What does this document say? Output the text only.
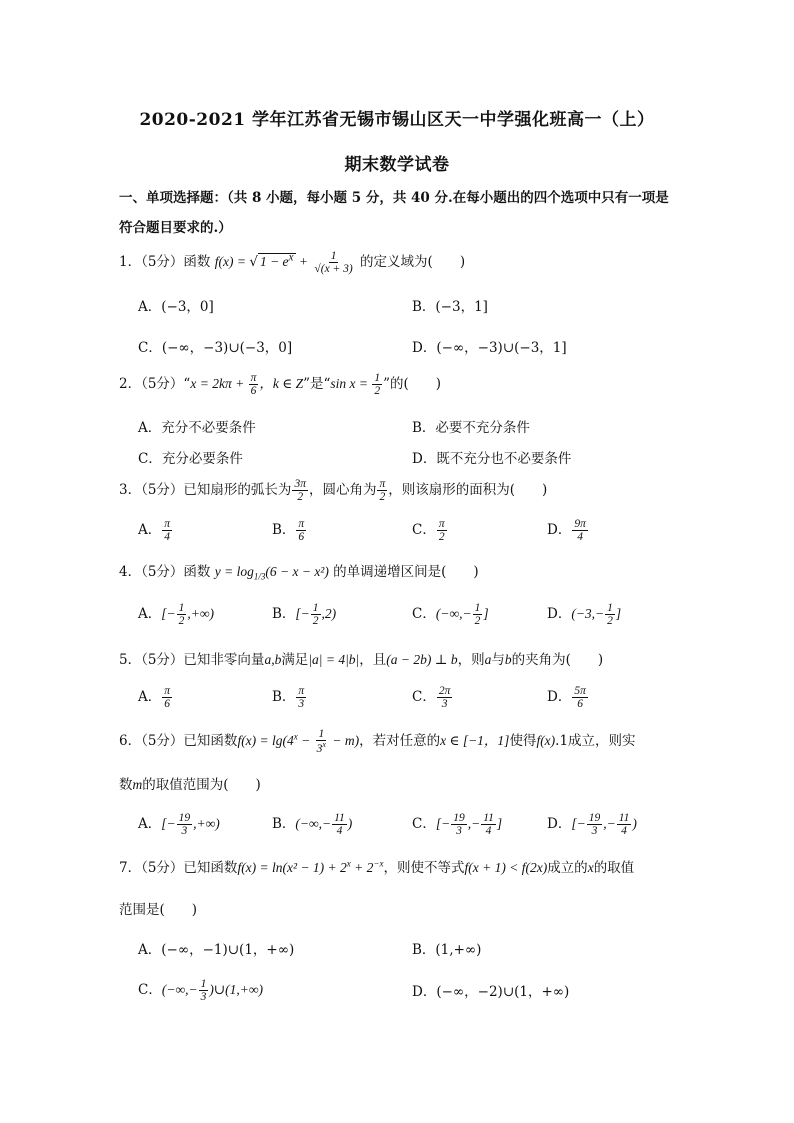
2020-2021 学年江苏省无锡市锡山区天一中学强化班高一（上）
期末数学试卷
一、单项选择题：（共 8 小题，每小题 5 分，共 40 分.在每小题出的四个选项中只有一项是
符合题目要求的.）
1．（5分）函数 f(x) = √ $1 - e^x + \frac{1}{√(x + 3)}$ 的定义域为(　　)
A．(−3，0]	B．(−3，1]
C．(−∞，−3)∪(−3，0]	D．(−∞，−3)∪(−3，1]
2．（5分）“x = $2k\pi + \frac{\pi}{6}$ ，k ∈ Z”是“sin $x = \frac{1}{2}$ ”的(　　)
A．充分不必要条件	B．必要不充分条件
C．充分必要条件	D．既不充分也不必要条件
3．（5分）已知扇形的弧长为 $\frac{3\pi}{2}$ ，圆心角为 $\frac{\pi}{2}$ ，则该扇形的面积为(　　)
A． $\frac{\pi}{4}$	B． $\frac{\pi}{6}$	C． $\frac{\pi}{2}$	D． $\frac{9\pi}{4}$
4．（5分）函数 $y = \log_{1/3}(6 - x - x^2)$ 的单调递增区间是(　　)
A．[− $\frac{1}{2}$ ,+∞)	B．[− $\frac{1}{2} ,2$)	C．(−∞,− $\frac{1}{2}$ ]	D．($-3,- \frac{1}{2}$ ]
5．（5分）已知非零向量a,b满足|a| = 4|b|，且(a − 2b) ⊥ b，则a与b的夹角为(　　)
A． $\frac{\pi}{6}$	B． $\frac{\pi}{3}$	C． $\frac{2\pi}{3}$	D． $\frac{5\pi}{6}$
6．（5分）已知函数$f(x) = \lg(4^x - \frac{1}{3^x} - m)$，若对任意的x ∈ [−1，1]使得f(x).1成立，则实
数m的取值范围为(　　)
A．[− $\frac{19}{3}$ ,+∞)	B．(−∞,− $\frac{11}{4}$ )	C．[− $\frac{19}{3}$ ,− $\frac{11}{4}$ ]	D．[− $\frac{19}{3}$ ,− $\frac{11}{4}$ )
7．（5分）已知函数$f(x) = \ln(x^2 - 1) + 2^x + 2^{-x}$，则使不等式f(x + 1) < f(2x)成立的x的取值
范围是(　　)
A．(−∞，−1)∪(1，+∞)	B．(1,+∞)
C．(−∞,− $\frac{1}{3}$ )∪(1,+∞)	D．(−∞，−2)∪(1，+∞)
